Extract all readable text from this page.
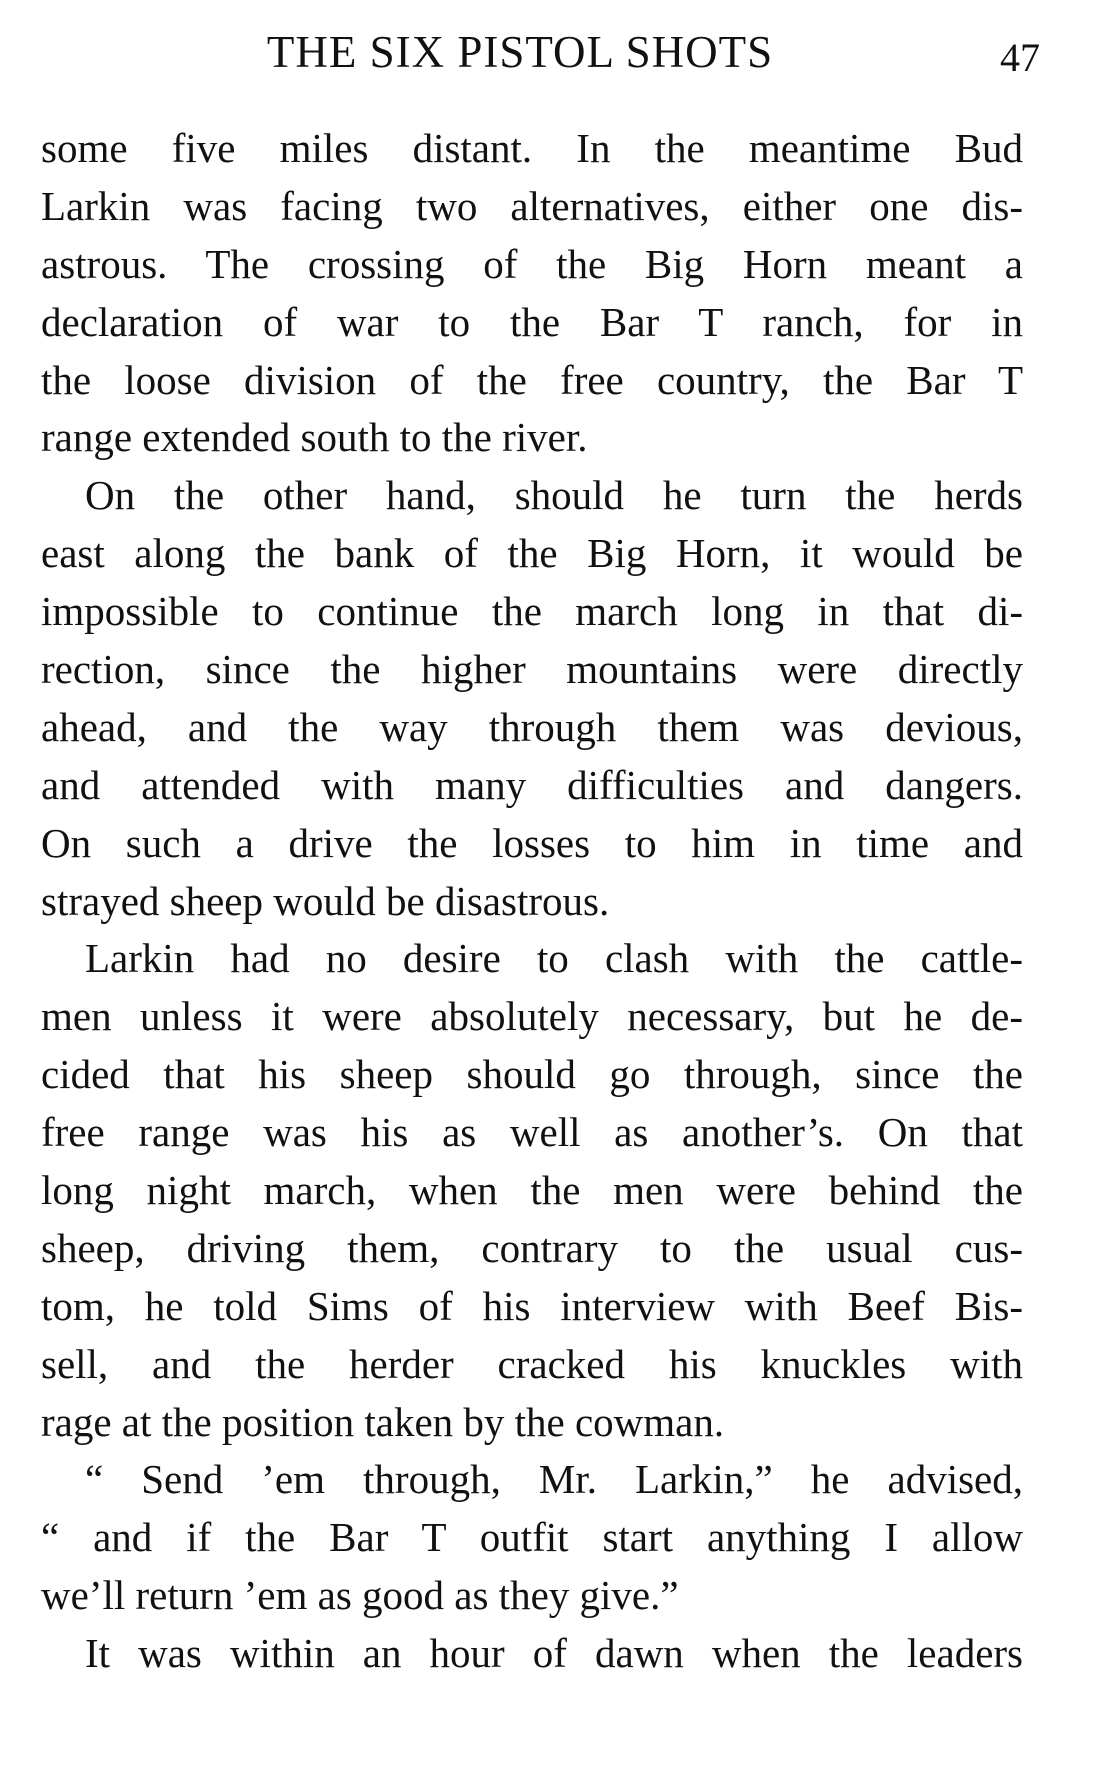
THE SIX PISTOL SHOTS	47
some five miles distant. In the meantime Bud
Larkin was facing two alternatives, either one dis-
astrous. The crossing of the Big Horn meant a
declaration of war to the Bar T ranch, for in
the loose division of the free country, the Bar T
range extended south to the river.
On the other hand, should he turn the herds
east along the bank of the Big Horn, it would be
impossible to continue the march long in that di-
rection, since the higher mountains were directly
ahead, and the way through them was devious,
and attended with many difficulties and dangers.
On such a drive the losses to him in time and
strayed sheep would be disastrous.
Larkin had no desire to clash with the cattle-
men unless it were absolutely necessary, but he de-
cided that his sheep should go through, since the
free range was his as well as another’s. On that
long night march, when the men were behind the
sheep, driving them, contrary to the usual cus-
tom, he told Sims of his interview with Beef Bis-
sell, and the herder cracked his knuckles with
rage at the position taken by the cowman.
“ Send ’em through, Mr. Larkin,” he advised,
“ and if the Bar T outfit start anything I allow
we’ll return ’em as good as they give.”
It was within an hour of dawn when the leaders
